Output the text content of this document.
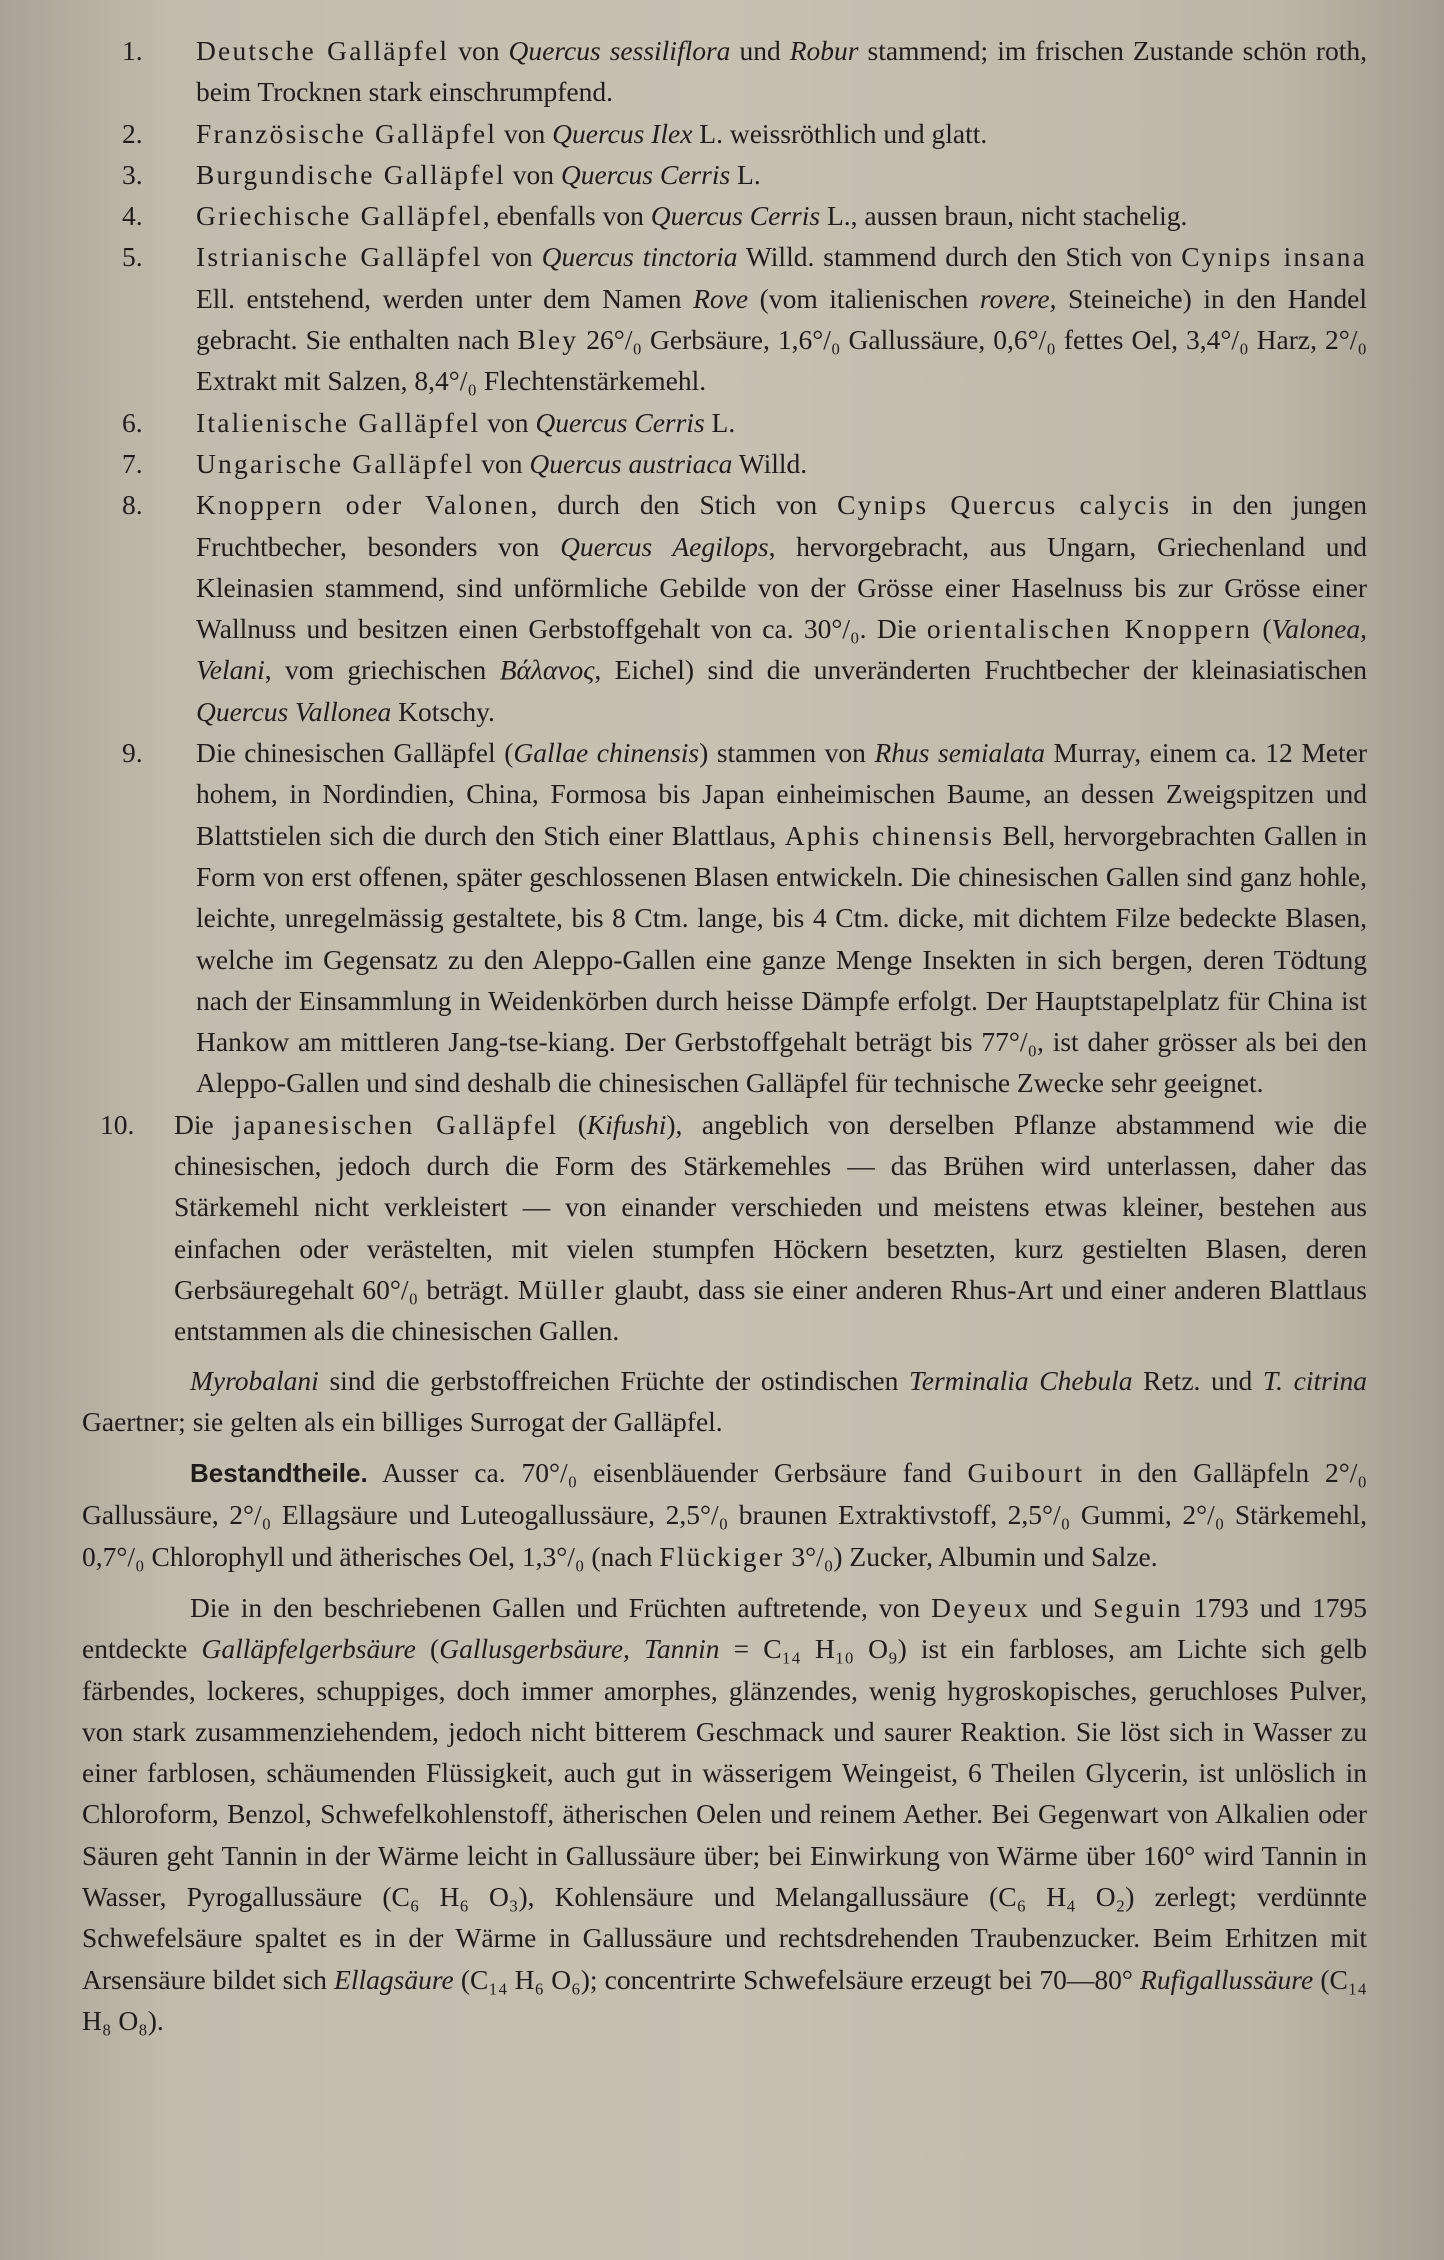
1.	Deutsche Galläpfel von Quercus sessiliflora und Robur stammend; im frischen Zustande schön roth, beim Trocknen stark einschrumpfend.
2.	Französische Galläpfel von Quercus Ilex L. weissröthlich und glatt.
3.	Burgundische Galläpfel von Quercus Cerris L.
4.	Griechische Galläpfel, ebenfalls von Quercus Cerris L., aussen braun, nicht stachelig.
5.	Istrianische Galläpfel von Quercus tinctoria Willd. stammend durch den Stich von Cynips insana Ell. entstehend, werden unter dem Namen Rove (vom italienischen rovere, Steineiche) in den Handel gebracht. Sie enthalten nach Bley 26°/₀ Gerbsäure, 1,6°/₀ Gallussäure, 0,6°/₀ fettes Oel, 3,4°/₀ Harz, 2°/₀ Extrakt mit Salzen, 8,4°/₀ Flechtenstärkemehl.
6.	Italienische Galläpfel von Quercus Cerris L.
7.	Ungarische Galläpfel von Quercus austriaca Willd.
8.	Knoppern oder Valonen, durch den Stich von Cynips Quercus calycis in den jungen Fruchtbecher, besonders von Quercus Aegilops, hervorgebracht, aus Ungarn, Griechenland und Kleinasien stammend, sind unförmliche Gebilde von der Grösse einer Haselnuss bis zur Grösse einer Wallnuss und besitzen einen Gerbstoffgehalt von ca. 30°/₀. Die orientalischen Knoppern (Valonea, Velani, vom griechischen Βάλανος, Eichel) sind die unveränderten Fruchtbecher der kleinasiatischen Quercus Vallonea Kotschy.
9.	Die chinesischen Galläpfel (Gallae chinensis) stammen von Rhus semialata Murray, einem ca. 12 Meter hohem, in Nordindien, China, Formosa bis Japan einheimischen Baume, an dessen Zweigspitzen und Blattstielen sich die durch den Stich einer Blattlaus, Aphis chinensis Bell, hervorgebrachten Gallen in Form von erst offenen, später geschlossenen Blasen entwickeln. Die chinesischen Gallen sind ganz hohle, leichte, unregelmässig gestaltete, bis 8 Ctm. lange, bis 4 Ctm. dicke, mit dichtem Filze bedeckte Blasen, welche im Gegensatz zu den Aleppo-Gallen eine ganze Menge Insekten in sich bergen, deren Tödtung nach der Einsammlung in Weidenkörben durch heisse Dämpfe erfolgt. Der Hauptstapelplatz für China ist Hankow am mittleren Jang-tse-kiang. Der Gerbstoffgehalt beträgt bis 77°/₀, ist daher grösser als bei den Aleppo-Gallen und sind deshalb die chinesischen Galläpfel für technische Zwecke sehr geeignet.
10.	Die japanesischen Galläpfel (Kifushi), angeblich von derselben Pflanze abstammend wie die chinesischen, jedoch durch die Form des Stärkemehles — das Brühen wird unterlassen, daher das Stärkemehl nicht verkleistert — von einander verschieden und meistens etwas kleiner, bestehen aus einfachen oder verästelten, mit vielen stumpfen Höckern besetzten, kurz gestielten Blasen, deren Gerbsäuregehalt 60°/₀ beträgt. Müller glaubt, dass sie einer anderen Rhus-Art und einer anderen Blattlaus entstammen als die chinesischen Gallen.

Myrobalani sind die gerbstoffreichen Früchte der ostindischen Terminalia Chebula Retz. und T. citrina Gaertner; sie gelten als ein billiges Surrogat der Galläpfel.

Bestandtheile. Ausser ca. 70°/₀ eisenbläuender Gerbsäure fand Guibourt in den Galläpfeln 2°/₀ Gallussäure, 2°/₀ Ellagsäure und Luteogallussäure, 2,5°/₀ braunen Extraktivstoff, 2,5°/₀ Gummi, 2°/₀ Stärkemehl, 0,7°/₀ Chlorophyll und ätherisches Oel, 1,3°/₀ (nach Flückiger 3°/₀) Zucker, Albumin und Salze.

Die in den beschriebenen Gallen und Früchten auftretende, von Deyeux und Seguin 1793 und 1795 entdeckte Galläpfelgerbsäure (Gallusgerbsäure, Tannin = C₁₄ H₁₀ O₉) ist ein farbloses, am Lichte sich gelb färbendes, lockeres, schuppiges, doch immer amorphes, glänzendes, wenig hygroskopisches, geruchloses Pulver, von stark zusammenziehendem, jedoch nicht bitterem Geschmack und saurer Reaktion. Sie löst sich in Wasser zu einer farblosen, schäumenden Flüssigkeit, auch gut in wässerigem Weingeist, 6 Theilen Glycerin, ist unlöslich in Chloroform, Benzol, Schwefelkohlenstoff, ätherischen Oelen und reinem Aether. Bei Gegenwart von Alkalien oder Säuren geht Tannin in der Wärme leicht in Gallussäure über; bei Einwirkung von Wärme über 160° wird Tannin in Wasser, Pyrogallussäure (C₆ H₆ O₃), Kohlensäure und Melangallussäure (C₆ H₄ O₂) zerlegt; verdünnte Schwefelsäure spaltet es in der Wärme in Gallussäure und rechtsdrehenden Traubenzucker. Beim Erhitzen mit Arsensäure bildet sich Ellagsäure (C₁₄ H₆ O₆); concentrirte Schwefelsäure erzeugt bei 70—80° Rufigallussäure (C₁₄ H₈ O₈).
